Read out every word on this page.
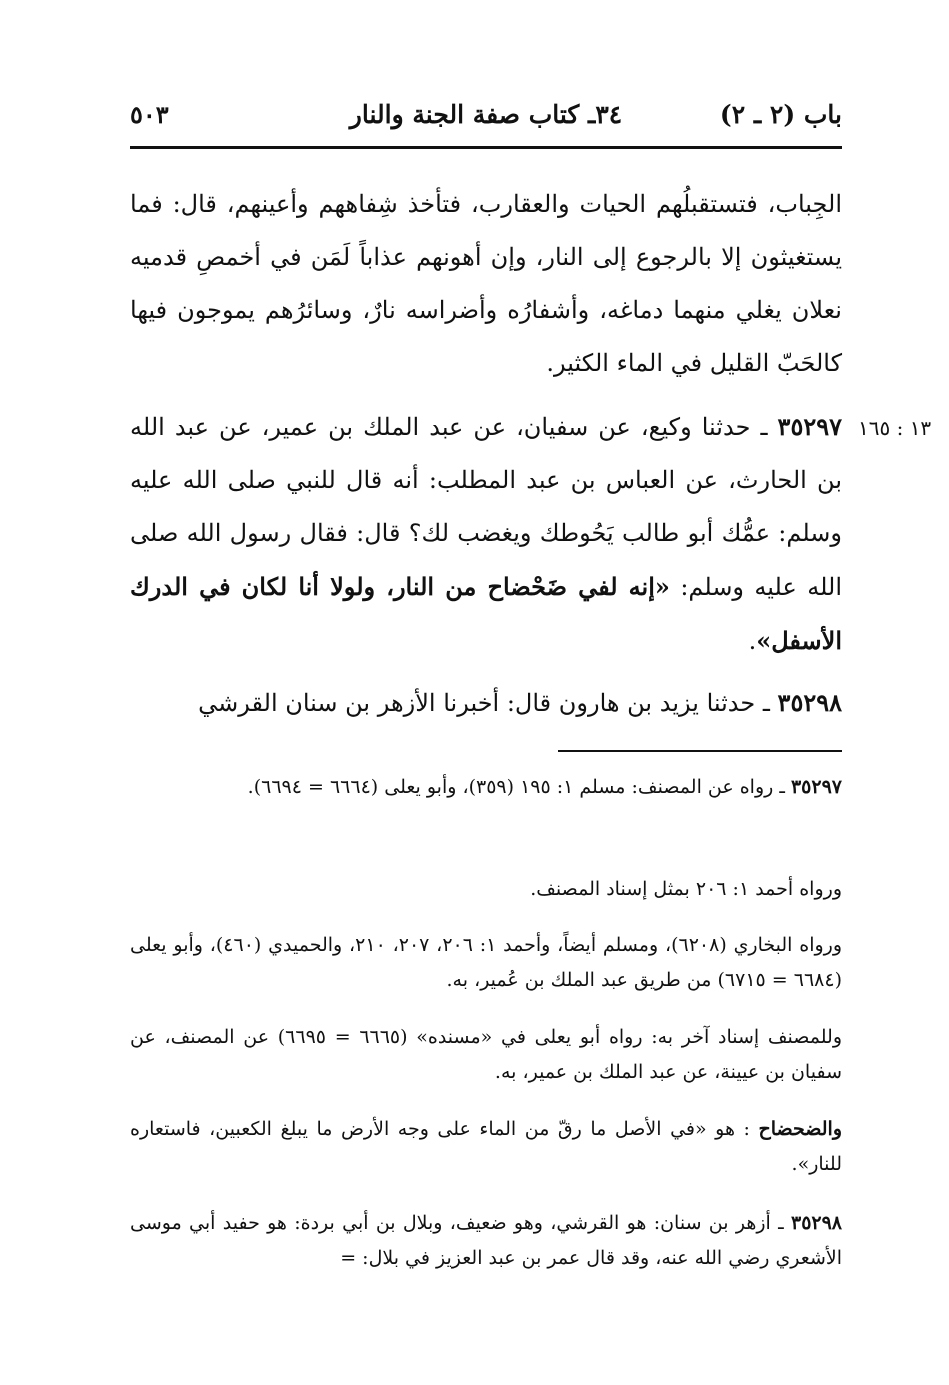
٥٠٣	٣٤ـ كتاب صفة الجنة والنار	باب (٢ ـ ٢)
١٣ : ١٦٥

الجِباب، فتستقبلُهم الحيات والعقارب، فتأخذ شِفاههم وأعينهم، قال: فما يستغيثون إلا بالرجوع إلى النار، وإن أهونهم عذاباً لَمَن في أخمصِ قدميه نعلان يغلي منهما دماغه، وأشفارُه وأضراسه نارٌ، وسائرُهم يموجون فيها كالحَبّ القليل في الماء الكثير.

٣٥٢٩٧ ـ حدثنا وكيع، عن سفيان، عن عبد الملك بن عمير، عن عبد الله بن الحارث، عن العباس بن عبد المطلب: أنه قال للنبي صلى الله عليه وسلم: عمُّك أبو طالب يَحُوطك ويغضب لك؟ قال: فقال رسول الله صلى الله عليه وسلم: «إنه لفي ضَحْضاح من النار، ولولا أنا لكان في الدرك الأسفل».

٣٥٢٩٨ ـ حدثنا يزيد بن هارون قال: أخبرنا الأزهر بن سنان القرشي

٣٥٢٩٧ ـ رواه عن المصنف: مسلم ١: ١٩٥ (٣٥٩)، وأبو يعلى (٦٦٦٤ = ٦٦٩٤).

ورواه أحمد ١: ٢٠٦ بمثل إسناد المصنف.

ورواه البخاري (٦٢٠٨)، ومسلم أيضاً، وأحمد ١: ٢٠٦، ٢٠٧، ٢١٠، والحميدي (٤٦٠)، وأبو يعلى (٦٦٨٤ = ٦٧١٥) من طريق عبد الملك بن عُمير، به.

وللمصنف إسناد آخر به: رواه أبو يعلى في «مسنده» (٦٦٦٥ = ٦٦٩٥) عن المصنف، عن سفيان بن عيينة، عن عبد الملك بن عمير، به.

والضحضاح : هو «في الأصل ما رقّ من الماء على وجه الأرض ما يبلغ الكعبين، فاستعاره للنار».

٣٥٢٩٨ ـ أزهر بن سنان: هو القرشي، وهو ضعيف، وبلال بن أبي بردة: هو حفيد أبي موسى الأشعري رضي الله عنه، وقد قال عمر بن عبد العزيز في بلال: =
